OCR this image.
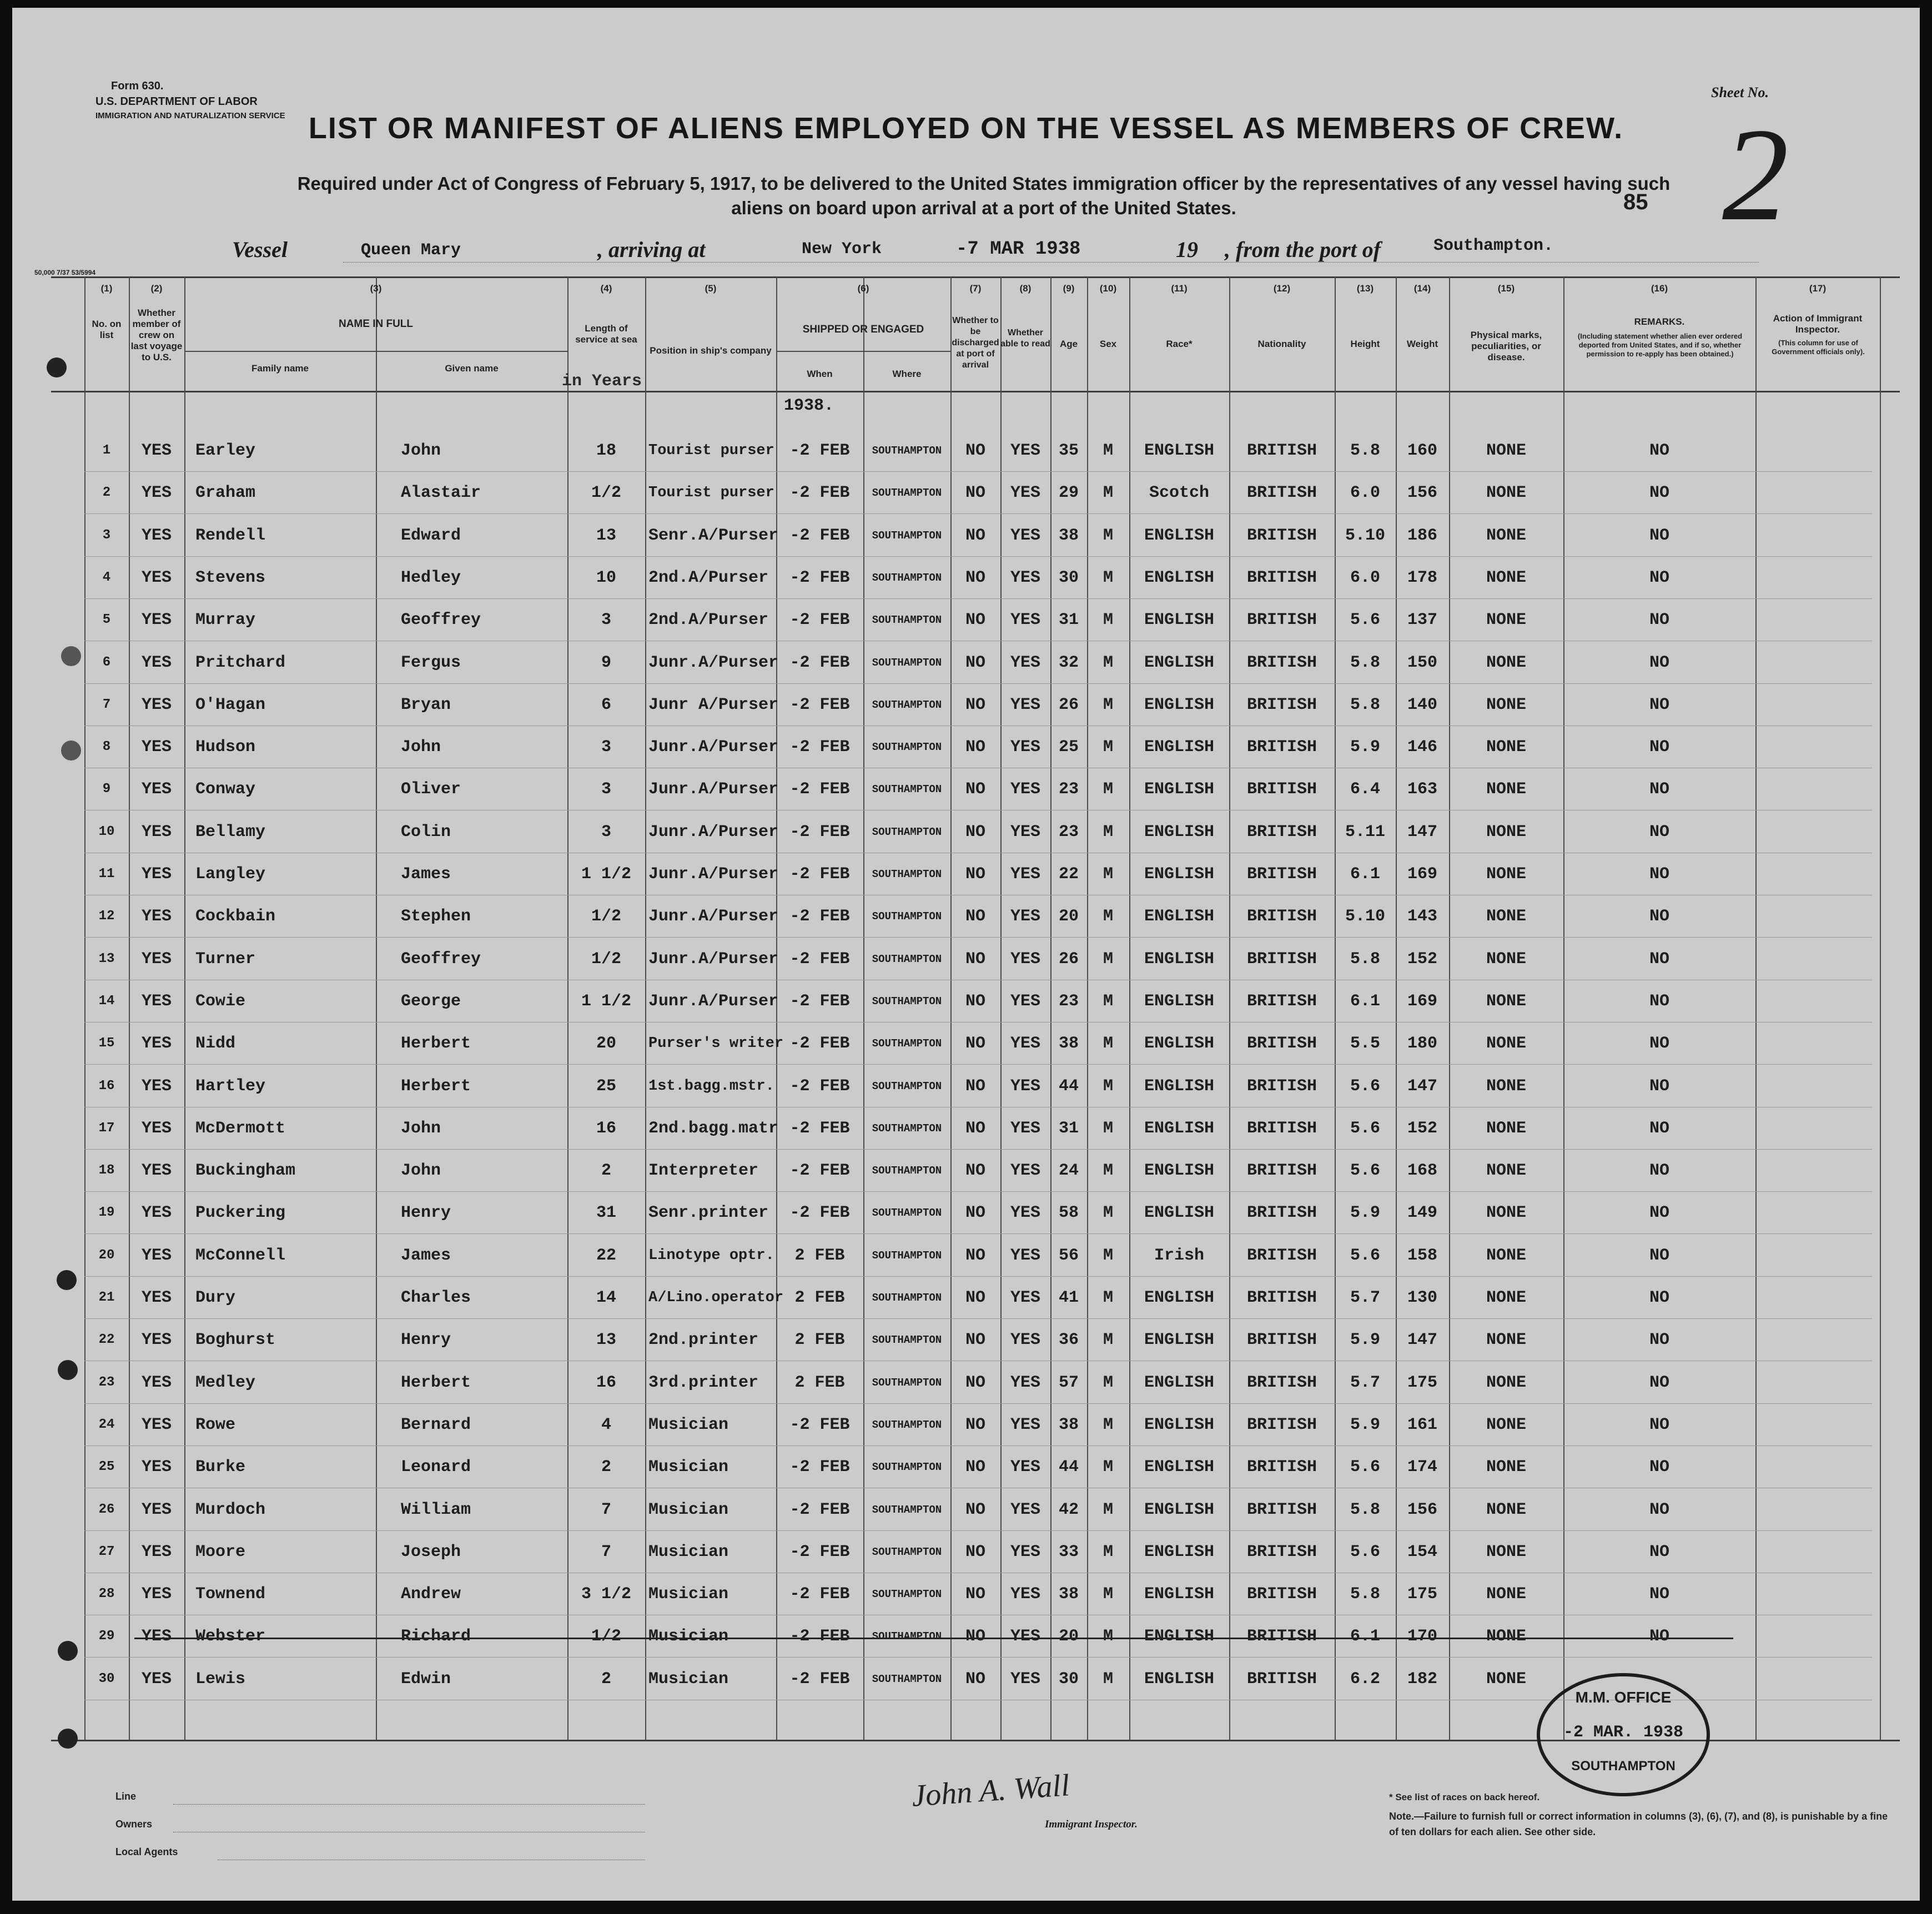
Form 630.
U.S. DEPARTMENT OF LABOR
IMMIGRATION AND NATURALIZATION SERVICE
Sheet No.
2
85
LIST OR MANIFEST OF ALIENS EMPLOYED ON THE VESSEL AS MEMBERS OF CREW.
Required under Act of Congress of February 5, 1917, to be delivered to the United States immigration officer by the representatives of any vessel having such
aliens on board upon arrival at a port of the United States.
Vessel	Queen Mary	, arriving at	New York	-7 MAR 1938	19 , from the port of	Southampton.
50,000 7/37 53/5994
(1)	(2)	(3)	(4)	(5)	(6)	(7)	(8)	(9)	(10)	(11)	(12)	(13)	(14)	(15)	(16)	(17)
No. on list
Whether member of crew on last voyage to U.S.
NAME IN FULL
Family name	Given name
Length of service at sea
in Years
Position in ship's company
SHIPPED OR ENGAGED
When	Where
Whether to be discharged at port of arrival
Whether able to read	Age	Sex	Race*	Nationality	Height	Weight
Physical marks, peculiarities, or disease.
REMARKS.
(Including statement whether alien ever ordered deported from United States, and if so, whether permission to re-apply has been obtained.)
Action of Immigrant Inspector.
(This column for use of Government officials only).
1938.
1	YES	Earley	John	18	Tourist purser -2 FEB	SOUTHAMPTON	NO	YES	35	M	ENGLISH	BRITISH	5.8	160	NONE	NO
2	YES	Graham	Alastair	1/2	Tourist purser -2 FEB	SOUTHAMPTON	NO	YES	29	M	Scotch	BRITISH	6.0	156	NONE	NO
3	YES	Rendell	Edward	13	Senr.A/Purser -2 FEB	SOUTHAMPTON	NO	YES	38	M	ENGLISH	BRITISH	5.10	186	NONE	NO
4	YES	Stevens	Hedley	10	2nd.A/Purser	-2 FEB	SOUTHAMPTON	NO	YES	30	M	ENGLISH	BRITISH	6.0	178	NONE	NO
5	YES	Murray	Geoffrey	3	2nd.A/Purser	-2 FEB	SOUTHAMPTON	NO	YES	31	M	ENGLISH	BRITISH	5.6	137	NONE	NO
6	YES	Pritchard	Fergus	9	Junr.A/Purser -2 FEB	SOUTHAMPTON	NO	YES	32	M	ENGLISH	BRITISH	5.8	150	NONE	NO
7	YES	O'Hagan	Bryan	6	Junr A/Purser -2 FEB	SOUTHAMPTON	NO	YES	26	M	ENGLISH	BRITISH	5.8	140	NONE	NO
8	YES	Hudson	John	3	Junr.A/Purser -2 FEB	SOUTHAMPTON	NO	YES	25	M	ENGLISH	BRITISH	5.9	146	NONE	NO
9	YES	Conway	Oliver	3	Junr.A/Purser -2 FEB	SOUTHAMPTON	NO	YES	23	M	ENGLISH	BRITISH	6.4	163	NONE	NO
10	YES	Bellamy	Colin	3	Junr.A/Purser -2 FEB	SOUTHAMPTON	NO	YES	23	M	ENGLISH	BRITISH	5.11	147	NONE	NO
11	YES	Langley	James	1 1/2	Junr.A/Purser -2 FEB	SOUTHAMPTON	NO	YES	22	M	ENGLISH	BRITISH	6.1	169	NONE	NO
12	YES	Cockbain	Stephen	1/2	Junr.A/Purser -2 FEB	SOUTHAMPTON	NO	YES	20	M	ENGLISH	BRITISH	5.10	143	NONE	NO
13	YES	Turner	Geoffrey	1/2	Junr.A/Purser -2 FEB	SOUTHAMPTON	NO	YES	26	M	ENGLISH	BRITISH	5.8	152	NONE	NO
14	YES	Cowie	George	1 1/2	Junr.A/Purser -2 FEB	SOUTHAMPTON	NO	YES	23	M	ENGLISH	BRITISH	6.1	169	NONE	NO
15	YES	Nidd	Herbert	20	Purser's writer -2 FEB	SOUTHAMPTON	NO	YES	38	M	ENGLISH	BRITISH	5.5	180	NONE	NO
16	YES	Hartley	Herbert	25	1st.bagg.mstr. -2 FEB	SOUTHAMPTON	NO	YES	44	M	ENGLISH	BRITISH	5.6	147	NONE	NO
17	YES	McDermott	John	16	2nd.bagg.matr -2 FEB	SOUTHAMPTON	NO	YES	31	M	ENGLISH	BRITISH	5.6	152	NONE	NO
18	YES	Buckingham	John	2	Interpreter	-2 FEB	SOUTHAMPTON	NO	YES	24	M	ENGLISH	BRITISH	5.6	168	NONE	NO
19	YES	Puckering	Henry	31	Senr.printer	-2 FEB	SOUTHAMPTON	NO	YES	58	M	ENGLISH	BRITISH	5.9	149	NONE	NO
20	YES	McConnell	James	22	Linotype optr.	2 FEB	SOUTHAMPTON	NO	YES	56	M	Irish	BRITISH	5.6	158	NONE	NO
21	YES	Dury	Charles	14	A/Lino.operator 2 FEB	SOUTHAMPTON	NO	YES	41	M	ENGLISH	BRITISH	5.7	130	NONE	NO
22	YES	Boghurst	Henry	13	2nd.printer	2 FEB	SOUTHAMPTON	NO	YES	36	M	ENGLISH	BRITISH	5.9	147	NONE	NO
23	YES	Medley	Herbert	16	3rd.printer	2 FEB	SOUTHAMPTON	NO	YES	57	M	ENGLISH	BRITISH	5.7	175	NONE	NO
24	YES	Rowe	Bernard	4	Musician	-2 FEB	SOUTHAMPTON	NO	YES	38	M	ENGLISH	BRITISH	5.9	161	NONE	NO
25	YES	Burke	Leonard	2	Musician	-2 FEB	SOUTHAMPTON	NO	YES	44	M	ENGLISH	BRITISH	5.6	174	NONE	NO
26	YES	Murdoch	William	7	Musician	-2 FEB	SOUTHAMPTON	NO	YES	42	M	ENGLISH	BRITISH	5.8	156	NONE	NO
27	YES	Moore	Joseph	7	Musician	-2 FEB	SOUTHAMPTON	NO	YES	33	M	ENGLISH	BRITISH	5.6	154	NONE	NO
28	YES	Townend	Andrew	3 1/2	Musician	-2 FEB	SOUTHAMPTON	NO	YES	38	M	ENGLISH	BRITISH	5.8	175	NONE	NO
29	YES	Webster	Richard	1/2	Musician	-2 FEB	SOUTHAMPTON	NO	YES	20	M	ENGLISH	BRITISH	6.1	170	NONE	NO
30	YES	Lewis	Edwin	2	Musician	-2 FEB	SOUTHAMPTON	NO	YES	30	M	ENGLISH	BRITISH	6.2	182	NONE
Line
Owners
Local Agents
John A. Wall
Immigrant Inspector.
* See list of races on back hereof.
Note.—Failure to furnish full or correct information in columns (3), (6), (7), and (8), is punishable by a fine of ten dollars for each alien. See other side.
M.M. OFFICE
-2 MAR. 1938
SOUTHAMPTON
